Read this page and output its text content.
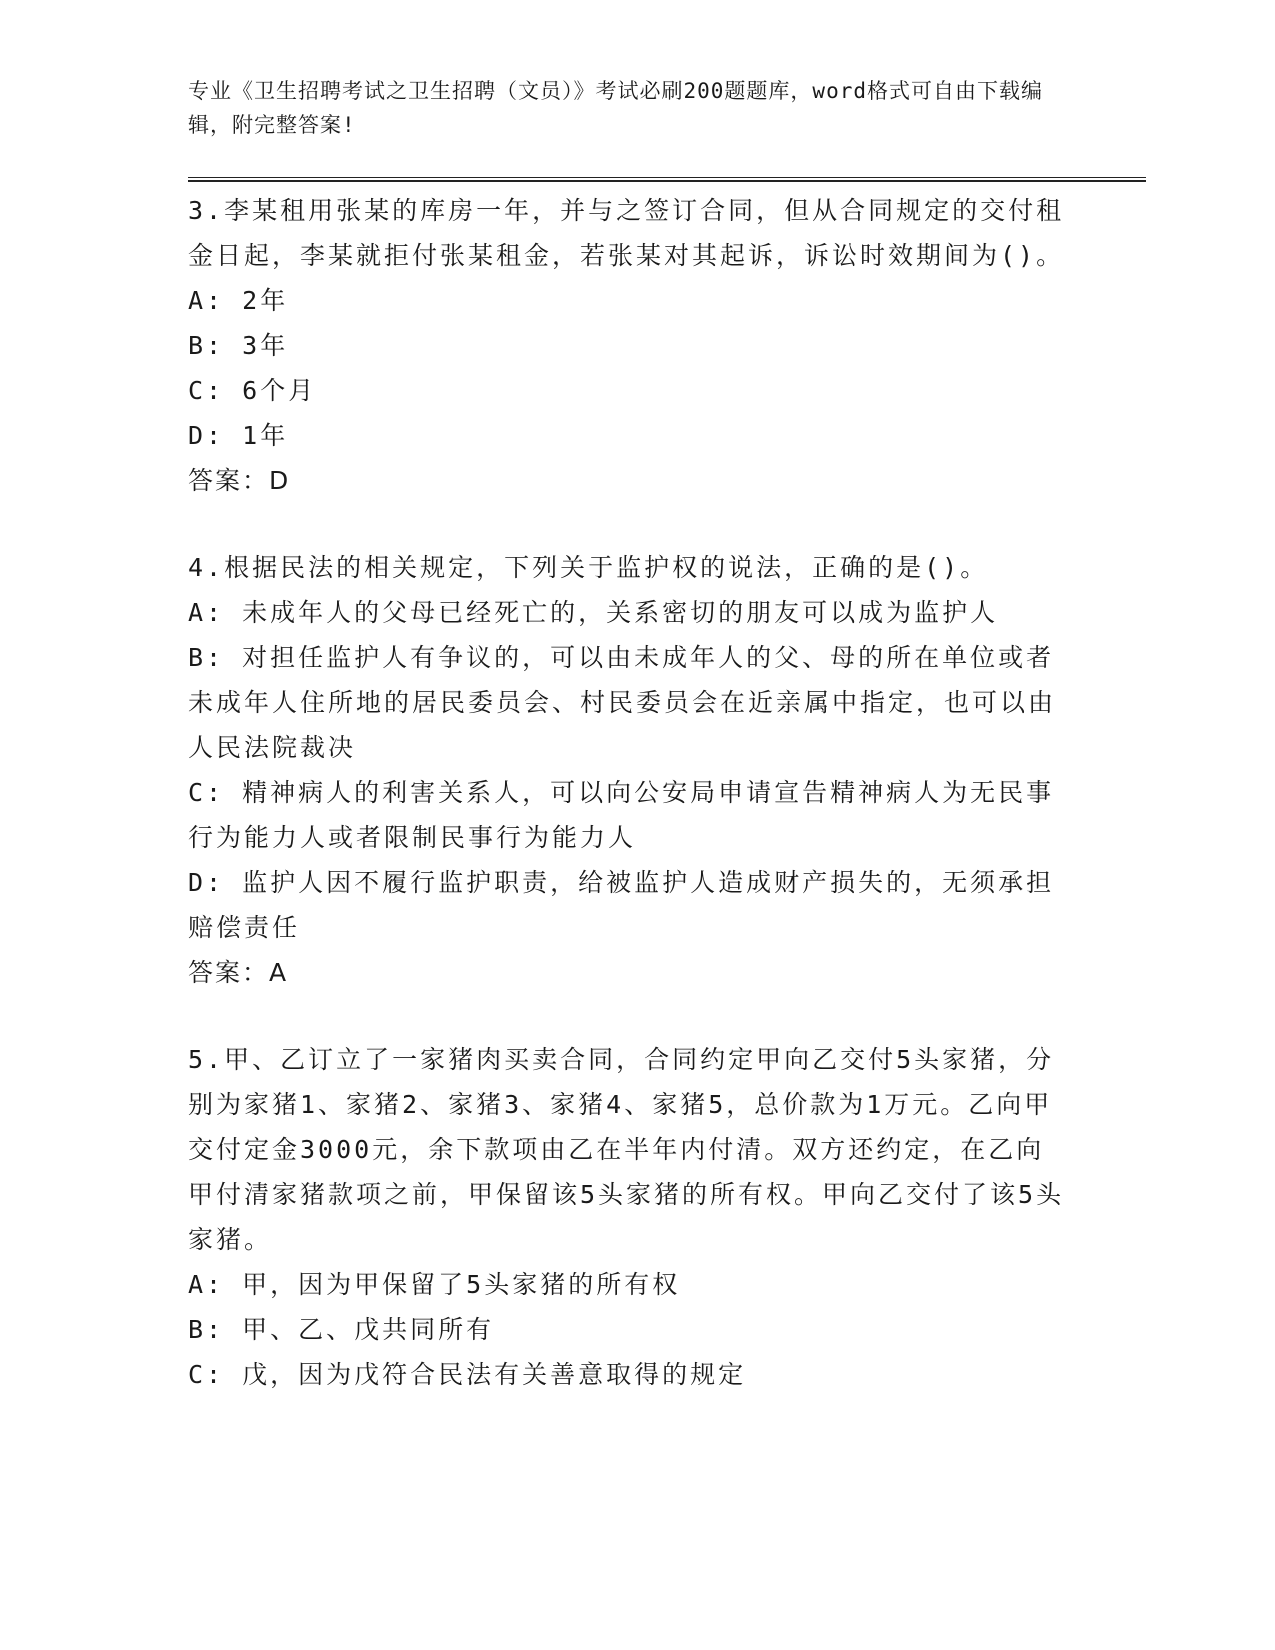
专业《卫生招聘考试之卫生招聘（文员）》考试必刷200题题库，word格式可自由下载编辑，附完整答案!

3.李某租用张某的库房一年，并与之签订合同，但从合同规定的交付租金日起，李某就拒付张某租金，若张某对其起诉，诉讼时效期间为()。

A: 2年

B: 3年

C: 6个月

D: 1年

答案：D

4.根据民法的相关规定，下列关于监护权的说法，正确的是()。

A: 未成年人的父母已经死亡的，关系密切的朋友可以成为监护人

B: 对担任监护人有争议的，可以由未成年人的父、母的所在单位或者未成年人住所地的居民委员会、村民委员会在近亲属中指定，也可以由人民法院裁决

C: 精神病人的利害关系人，可以向公安局申请宣告精神病人为无民事行为能力人或者限制民事行为能力人

D: 监护人因不履行监护职责，给被监护人造成财产损失的，无须承担赔偿责任

答案：A

5.甲、乙订立了一家猪肉买卖合同，合同约定甲向乙交付5头家猪，分别为家猪1、家猪2、家猪3、家猪4、家猪5，总价款为1万元。乙向甲交付定金3000元，余下款项由乙在半年内付清。双方还约定，在乙向甲付清家猪款项之前，甲保留该5头家猪的所有权。甲向乙交付了该5头家猪。

A: 甲，因为甲保留了5头家猪的所有权

B: 甲、乙、戊共同所有

C: 戊，因为戊符合民法有关善意取得的规定
